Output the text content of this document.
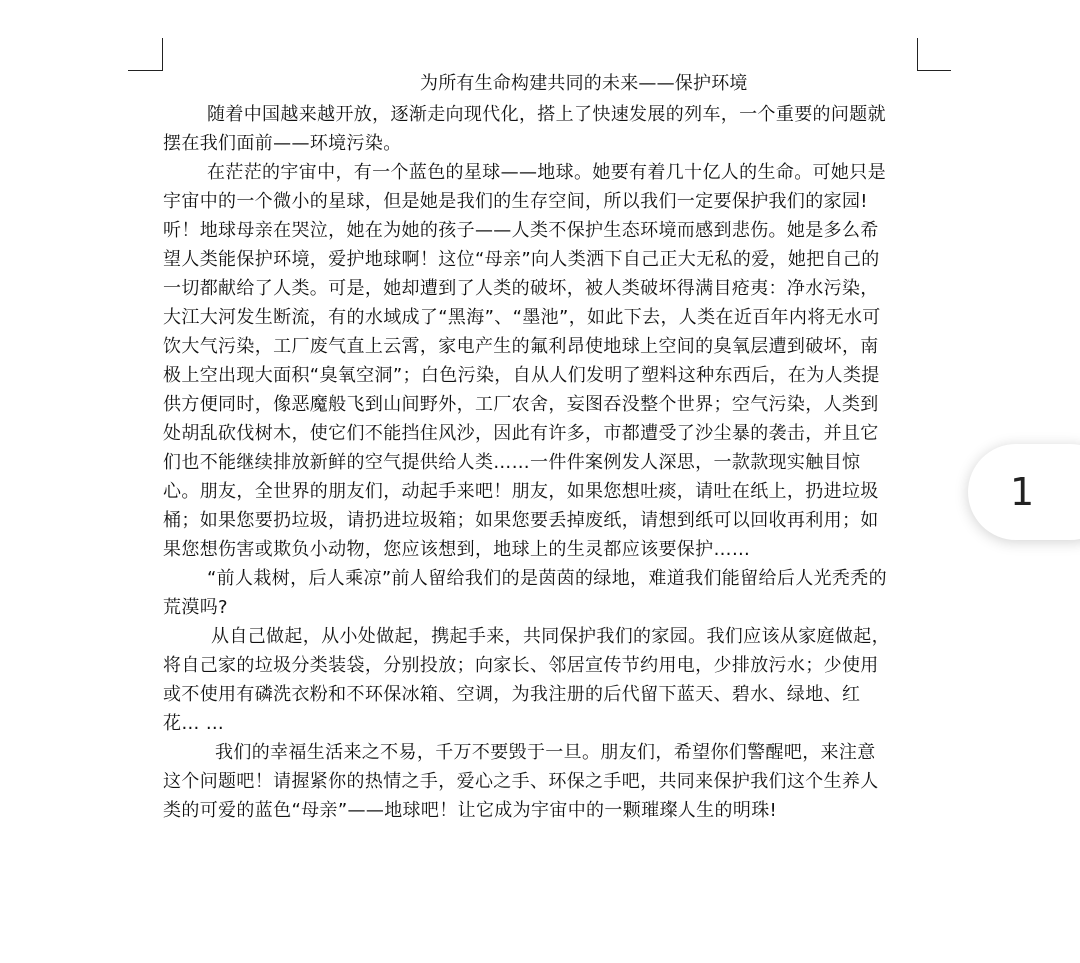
为所有生命构建共同的未来——保护环境
随着中国越来越开放，逐渐走向现代化，搭上了快速发展的列车，一个重要的问题就
摆在我们面前——环境污染。
在茫茫的宇宙中，有一个蓝色的星球——地球。她要有着几十亿人的生命。可她只是
宇宙中的一个微小的星球，但是她是我们的生存空间，所以我们一定要保护我们的家园!
听！地球母亲在哭泣，她在为她的孩子——人类不保护生态环境而感到悲伤。她是多么希
望人类能保护环境，爱护地球啊！这位“母亲”向人类洒下自己正大无私的爱，她把自己的
一切都献给了人类。可是，她却遭到了人类的破坏，被人类破坏得满目疮夷：净水污染，
大江大河发生断流，有的水域成了“黑海”、“墨池”，如此下去，人类在近百年内将无水可
饮大气污染，工厂废气直上云霄，家电产生的氟利昂使地球上空间的臭氧层遭到破坏，南
极上空出现大面积“臭氧空洞”；白色污染，自从人们发明了塑料这种东西后，在为人类提
供方便同时，像恶魔般飞到山间野外，工厂农舍，妄图吞没整个世界；空气污染，人类到
处胡乱砍伐树木，使它们不能挡住风沙，因此有许多，市都遭受了沙尘暴的袭击，并且它
们也不能继续排放新鲜的空气提供给人类……一件件案例发人深思，一款款现实触目惊
心。朋友，全世界的朋友们，动起手来吧！朋友，如果您想吐痰，请吐在纸上，扔进垃圾
桶；如果您要扔垃圾，请扔进垃圾箱；如果您要丢掉废纸，请想到纸可以回收再利用；如
果您想伤害或欺负小动物，您应该想到，地球上的生灵都应该要保护……
“前人栽树，后人乘凉”前人留给我们的是茵茵的绿地，难道我们能留给后人光秃秃的
荒漠吗?
从自己做起，从小处做起，携起手来，共同保护我们的家园。我们应该从家庭做起，
将自己家的垃圾分类装袋，分别投放；向家长、邻居宣传节约用电，少排放污水；少使用
或不使用有磷洗衣粉和不环保冰箱、空调，为我注册的后代留下蓝天、碧水、绿地、红
花… …
我们的幸福生活来之不易，千万不要毁于一旦。朋友们，希望你们警醒吧，来注意
这个问题吧！请握紧你的热情之手，爱心之手、环保之手吧，共同来保护我们这个生养人
类的可爱的蓝色“母亲”——地球吧！让它成为宇宙中的一颗璀璨人生的明珠!
1
